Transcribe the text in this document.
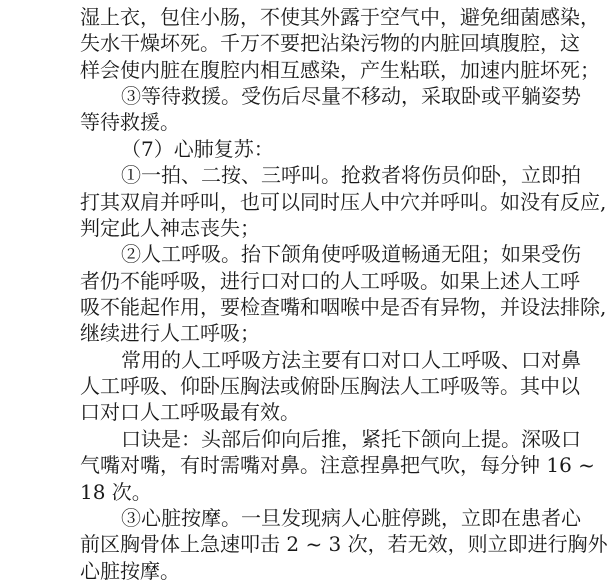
湿上衣，包住小肠，不使其外露于空气中，避免细菌感染，

失水干燥坏死。千万不要把沾染污物的内脏回填腹腔，这

样会使内脏在腹腔内相互感染，产生粘联，加速内脏坏死；

③等待救援。受伤后尽量不移动，采取卧或平躺姿势

等待救援。

（7）心肺复苏：

①一拍、二按、三呼叫。抢救者将伤员仰卧，立即拍

打其双肩并呼叫，也可以同时压人中穴并呼叫。如没有反应,

判定此人神志丧失；

②人工呼吸。抬下颌角使呼吸道畅通无阻；如果受伤

者仍不能呼吸，进行口对口的人工呼吸。如果上述人工呼

吸不能起作用，要检查嘴和咽喉中是否有异物，并设法排除,

继续进行人工呼吸；

常用的人工呼吸方法主要有口对口人工呼吸、口对鼻

人工呼吸、仰卧压胸法或俯卧压胸法人工呼吸等。其中以

口对口人工呼吸最有效。

口诀是：头部后仰向后推，紧托下颌向上提。深吸口

气嘴对嘴，有时需嘴对鼻。注意捏鼻把气吹，每分钟 16 ~

18 次。

③心脏按摩。一旦发现病人心脏停跳，立即在患者心

前区胸骨体上急速叩击 2 ~ 3 次，若无效，则立即进行胸外

心脏按摩。
